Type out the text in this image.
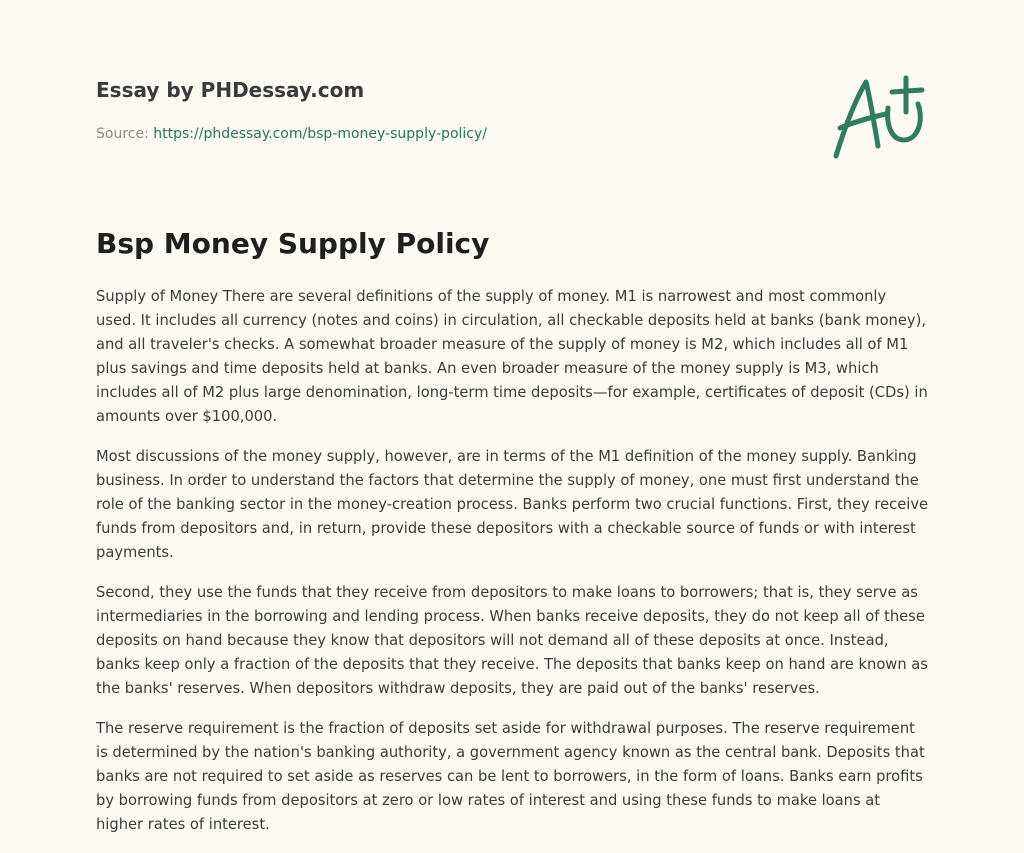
Essay by PHDessay.com
Source: https://phdessay.com/bsp-money-supply-policy/
Bsp Money Supply Policy

Supply of Money There are several definitions of the supply of money. M1 is narrowest and most commonly used. It includes all currency (notes and coins) in circulation, all checkable deposits held at banks (bank money), and all traveler's checks. A somewhat broader measure of the supply of money is M2, which includes all of M1 plus savings and time deposits held at banks. An even broader measure of the money supply is M3, which includes all of M2 plus large denomination, long-term time deposits—for example, certificates of deposit (CDs) in amounts over $100,000.

Most discussions of the money supply, however, are in terms of the M1 definition of the money supply. Banking business. In order to understand the factors that determine the supply of money, one must first understand the role of the banking sector in the money-creation process. Banks perform two crucial functions. First, they receive funds from depositors and, in return, provide these depositors with a checkable source of funds or with interest payments.

Second, they use the funds that they receive from depositors to make loans to borrowers; that is, they serve as intermediaries in the borrowing and lending process. When banks receive deposits, they do not keep all of these deposits on hand because they know that depositors will not demand all of these deposits at once. Instead, banks keep only a fraction of the deposits that they receive. The deposits that banks keep on hand are known as the banks' reserves. When depositors withdraw deposits, they are paid out of the banks' reserves.

The reserve requirement is the fraction of deposits set aside for withdrawal purposes. The reserve requirement is determined by the nation's banking authority, a government agency known as the central bank. Deposits that banks are not required to set aside as reserves can be lent to borrowers, in the form of loans. Banks earn profits by borrowing funds from depositors at zero or low rates of interest and using these funds to make loans at higher rates of interest.
